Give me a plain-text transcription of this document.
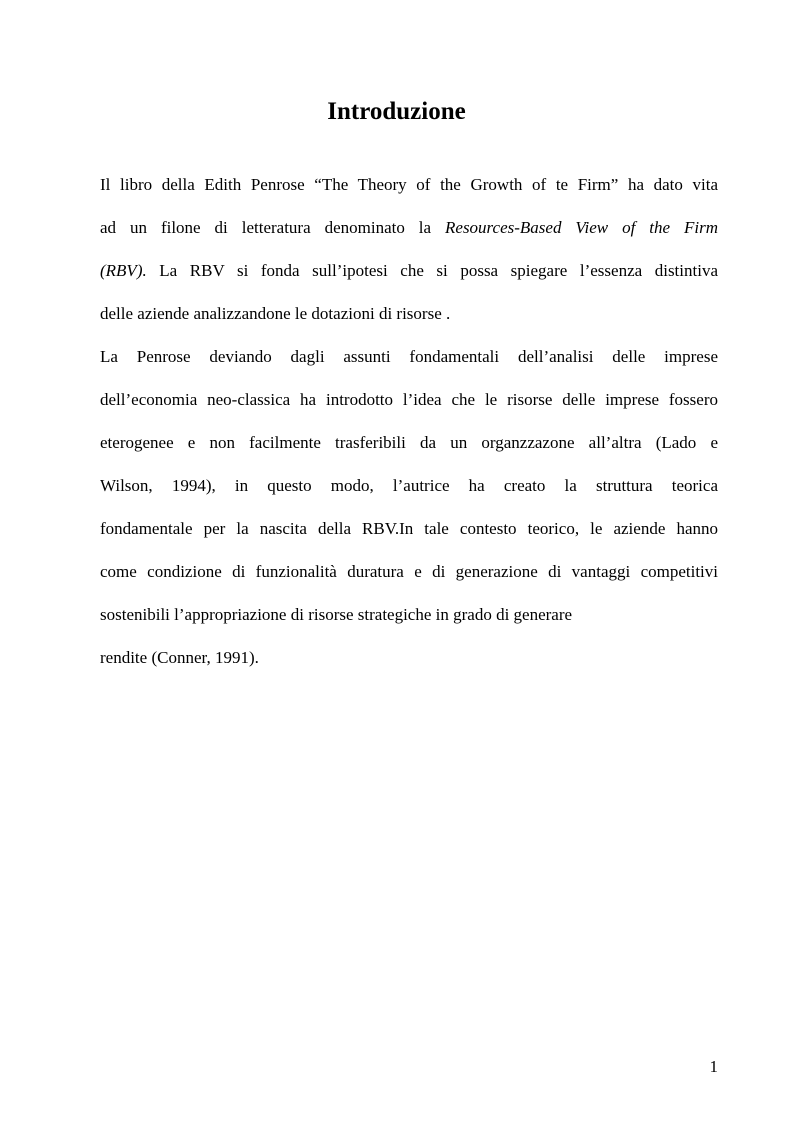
Introduzione

Il libro della Edith Penrose “The Theory of the Growth of te Firm” ha dato vita

ad un filone di letteratura denominato la Resources-Based View of the Firm

(RBV). La RBV si fonda sull’ipotesi che si possa spiegare l’essenza distintiva

delle aziende analizzandone le dotazioni di risorse .

La Penrose deviando dagli assunti fondamentali dell’analisi delle imprese

dell’economia neo-classica ha introdotto l’idea che le risorse delle imprese fossero

eterogenee e non facilmente trasferibili da un organzzazone all’altra (Lado e

Wilson, 1994), in questo modo, l’autrice ha creato la struttura teorica

fondamentale per la nascita della RBV.In tale contesto teorico, le aziende hanno

come condizione di funzionalità duratura e di generazione di vantaggi competitivi

sostenibili l’appropriazione di risorse strategiche in grado di generare

rendite (Conner, 1991).

1
